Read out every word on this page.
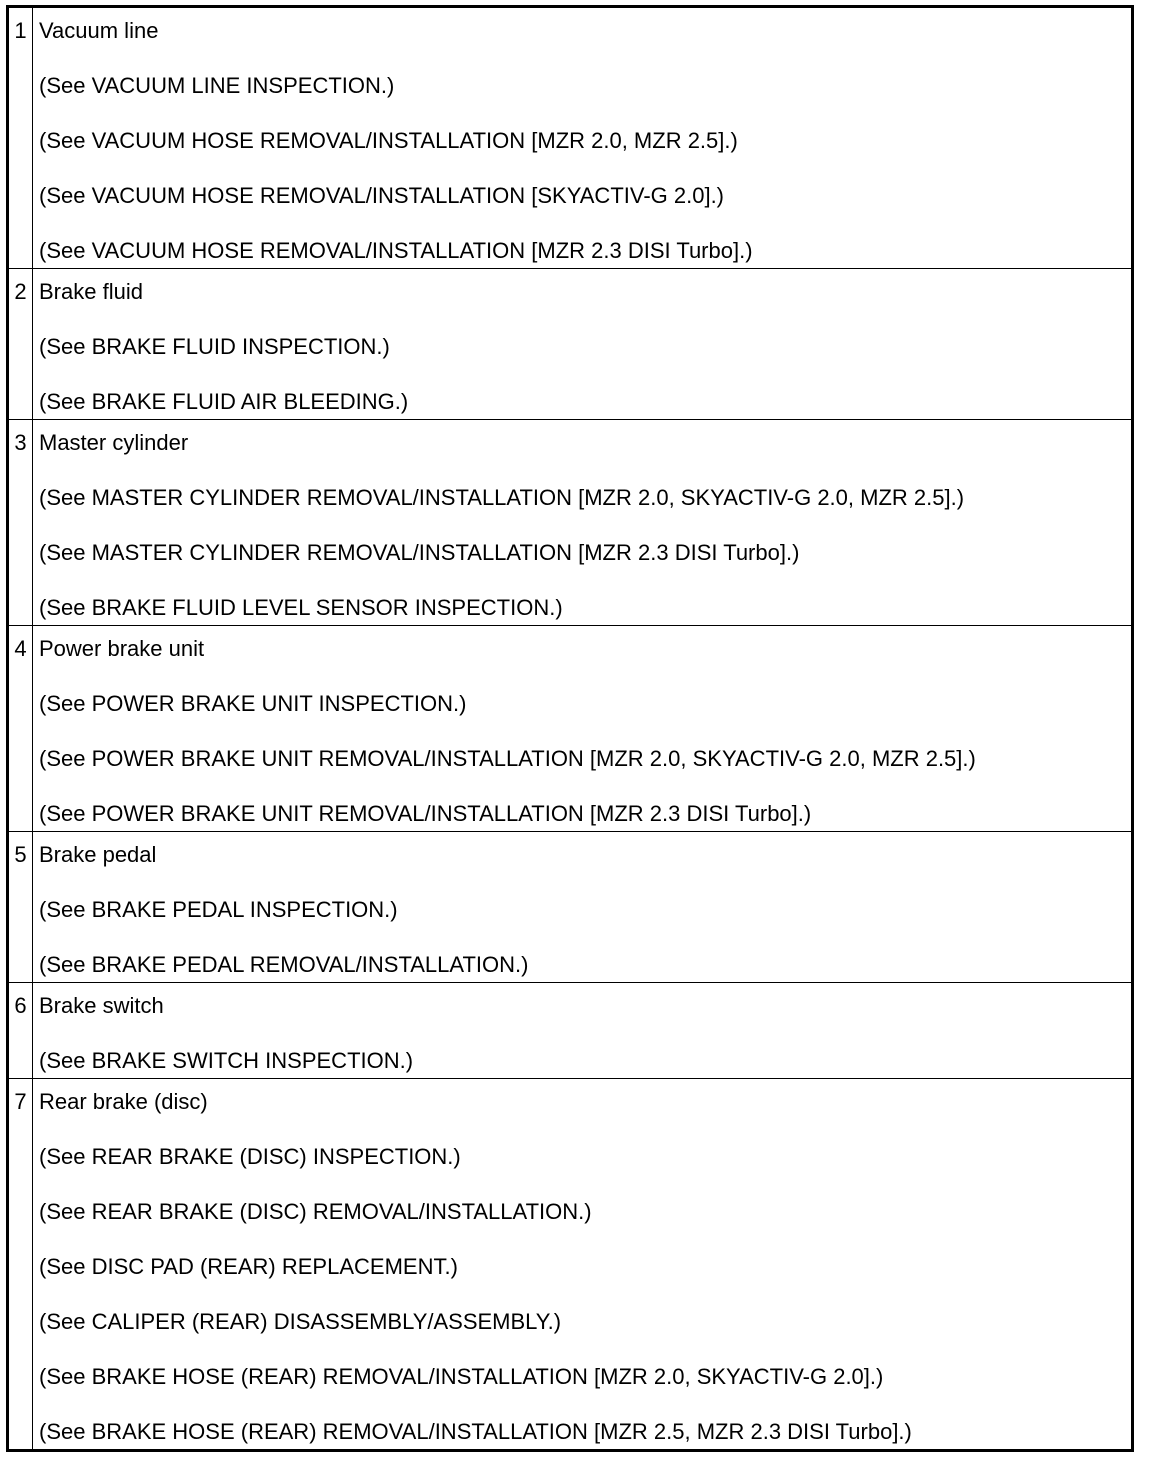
1 Vacuum line
(See VACUUM LINE INSPECTION.)
(See VACUUM HOSE REMOVAL/INSTALLATION [MZR 2.0, MZR 2.5].)
(See VACUUM HOSE REMOVAL/INSTALLATION [SKYACTIV-G 2.0].)
(See VACUUM HOSE REMOVAL/INSTALLATION [MZR 2.3 DISI Turbo].)
2 Brake fluid
(See BRAKE FLUID INSPECTION.)
(See BRAKE FLUID AIR BLEEDING.)
3 Master cylinder
(See MASTER CYLINDER REMOVAL/INSTALLATION [MZR 2.0, SKYACTIV-G 2.0, MZR 2.5].)
(See MASTER CYLINDER REMOVAL/INSTALLATION [MZR 2.3 DISI Turbo].)
(See BRAKE FLUID LEVEL SENSOR INSPECTION.)
4 Power brake unit
(See POWER BRAKE UNIT INSPECTION.)
(See POWER BRAKE UNIT REMOVAL/INSTALLATION [MZR 2.0, SKYACTIV-G 2.0, MZR 2.5].)
(See POWER BRAKE UNIT REMOVAL/INSTALLATION [MZR 2.3 DISI Turbo].)
5 Brake pedal
(See BRAKE PEDAL INSPECTION.)
(See BRAKE PEDAL REMOVAL/INSTALLATION.)
6 Brake switch
(See BRAKE SWITCH INSPECTION.)
7 Rear brake (disc)
(See REAR BRAKE (DISC) INSPECTION.)
(See REAR BRAKE (DISC) REMOVAL/INSTALLATION.)
(See DISC PAD (REAR) REPLACEMENT.)
(See CALIPER (REAR) DISASSEMBLY/ASSEMBLY.)
(See BRAKE HOSE (REAR) REMOVAL/INSTALLATION [MZR 2.0, SKYACTIV-G 2.0].)
(See BRAKE HOSE (REAR) REMOVAL/INSTALLATION [MZR 2.5, MZR 2.3 DISI Turbo].)
